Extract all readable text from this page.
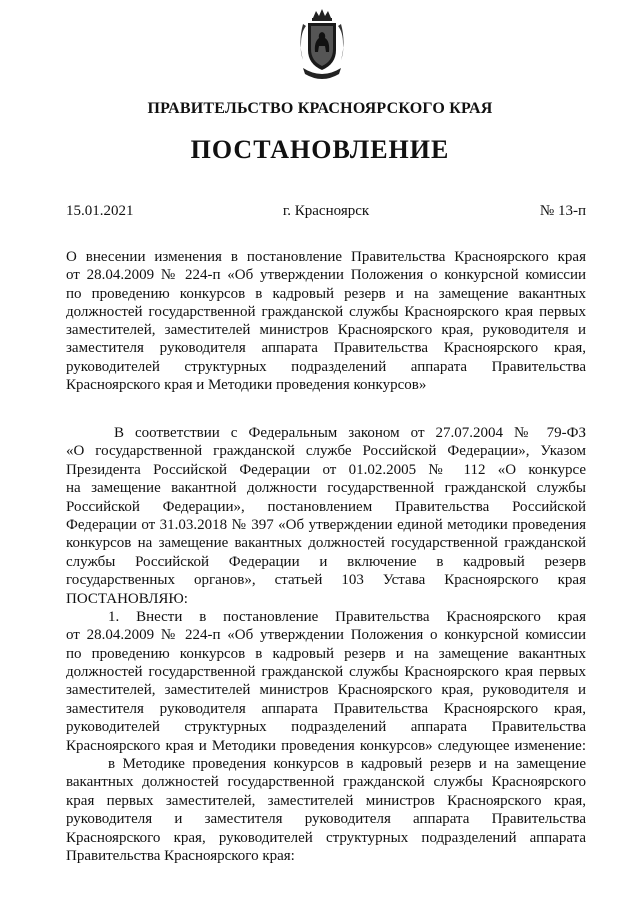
ПРАВИТЕЛЬСТВО КРАСНОЯРСКОГО КРАЯ
ПОСТАНОВЛЕНИЕ
15.01.2021	г. Красноярск	№ 13-п
О внесении изменения в постановление Правительства Красноярского края
от 28.04.2009 № 224-п «Об утверждении Положения о конкурсной комиссии
по проведению конкурсов в кадровый резерв и на замещение вакантных
должностей государственной гражданской службы Красноярского края первых
заместителей, заместителей министров Красноярского края, руководителя и
заместителя руководителя аппарата Правительства Красноярского края,
руководителей структурных подразделений аппарата Правительства
Красноярского края и Методики проведения конкурсов»
В соответствии с Федеральным законом от 27.07.2004 № 79-ФЗ
«О государственной гражданской службе Российской Федерации», Указом
Президента Российской Федерации от 01.02.2005 № 112 «О конкурсе
на замещение вакантной должности государственной гражданской службы
Российской Федерации», постановлением Правительства Российской
Федерации от 31.03.2018 № 397 «Об утверждении единой методики проведения
конкурсов на замещение вакантных должностей государственной гражданской
службы Российской Федерации и включение в кадровый резерв
государственных органов», статьей 103 Устава Красноярского края
ПОСТАНОВЛЯЮ:
1. Внести в постановление Правительства Красноярского края
от 28.04.2009 № 224-п «Об утверждении Положения о конкурсной комиссии
по проведению конкурсов в кадровый резерв и на замещение вакантных
должностей государственной гражданской службы Красноярского края первых
заместителей, заместителей министров Красноярского края, руководителя и
заместителя руководителя аппарата Правительства Красноярского края,
руководителей структурных подразделений аппарата Правительства
Красноярского края и Методики проведения конкурсов» следующее изменение:
в Методике проведения конкурсов в кадровый резерв и на замещение
вакантных должностей государственной гражданской службы Красноярского
края первых заместителей, заместителей министров Красноярского края,
руководителя и заместителя руководителя аппарата Правительства
Красноярского края, руководителей структурных подразделений аппарата
Правительства Красноярского края:
